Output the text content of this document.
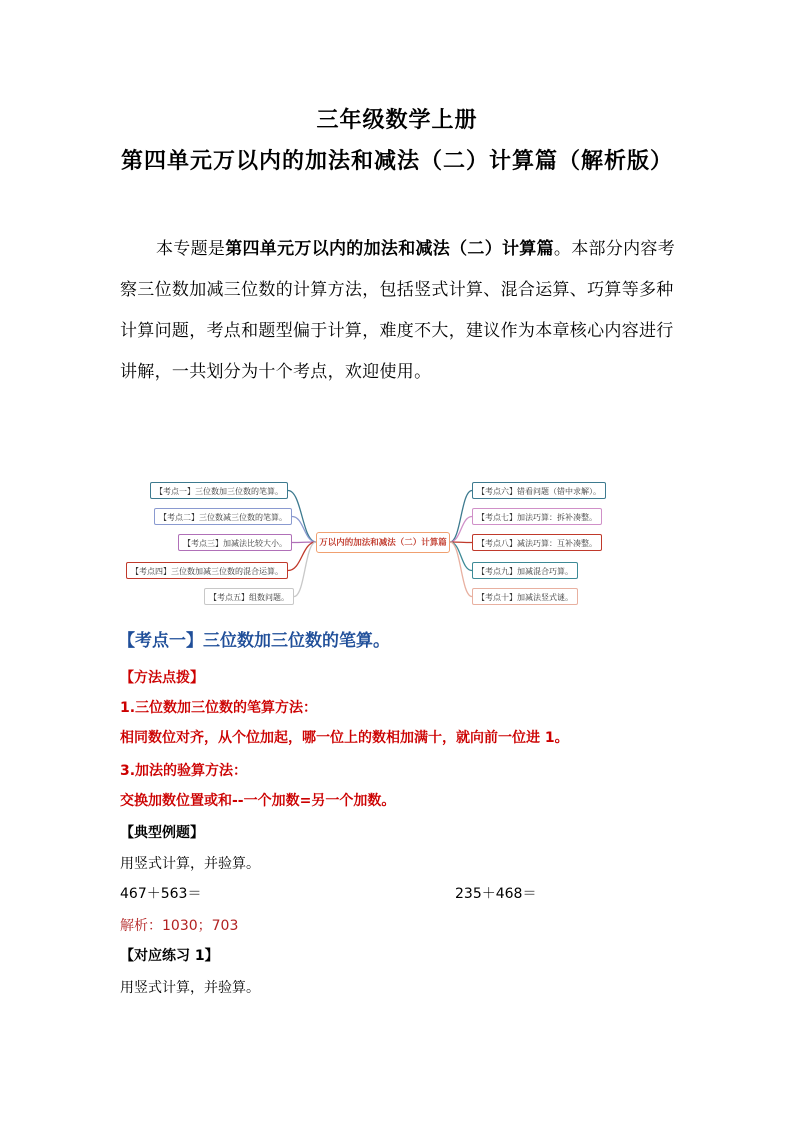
三年级数学上册
第四单元万以内的加法和减法（二）计算篇（解析版）
本专题是第四单元万以内的加法和减法（二）计算篇。本部分内容考察三位数加减三位数的计算方法，包括竖式计算、混合运算、巧算等多种计算问题，考点和题型偏于计算，难度不大，建议作为本章核心内容进行讲解，一共划分为十个考点，欢迎使用。
万以内的加法和减法（二）计算篇
【考点一】三位数加三位数的笔算。
【考点二】三位数减三位数的笔算。
【考点三】加减法比较大小。
【考点四】三位数加减三位数的混合运算。
【考点五】组数问题。
【考点六】错看问题（错中求解）。
【考点七】加法巧算：拆补凑整。
【考点八】减法巧算：互补凑整。
【考点九】加减混合巧算。
【考点十】加减法竖式谜。
【考点一】三位数加三位数的笔算。
【方法点拨】
1.三位数加三位数的笔算方法：
相同数位对齐，从个位加起，哪一位上的数相加满十，就向前一位进 1。
3.加法的验算方法：
交换加数位置或和--一个加数=另一个加数。
【典型例题】
用竖式计算，并验算。
467＋563＝	235＋468＝
解析：1030；703
【对应练习 1】
用竖式计算，并验算。
